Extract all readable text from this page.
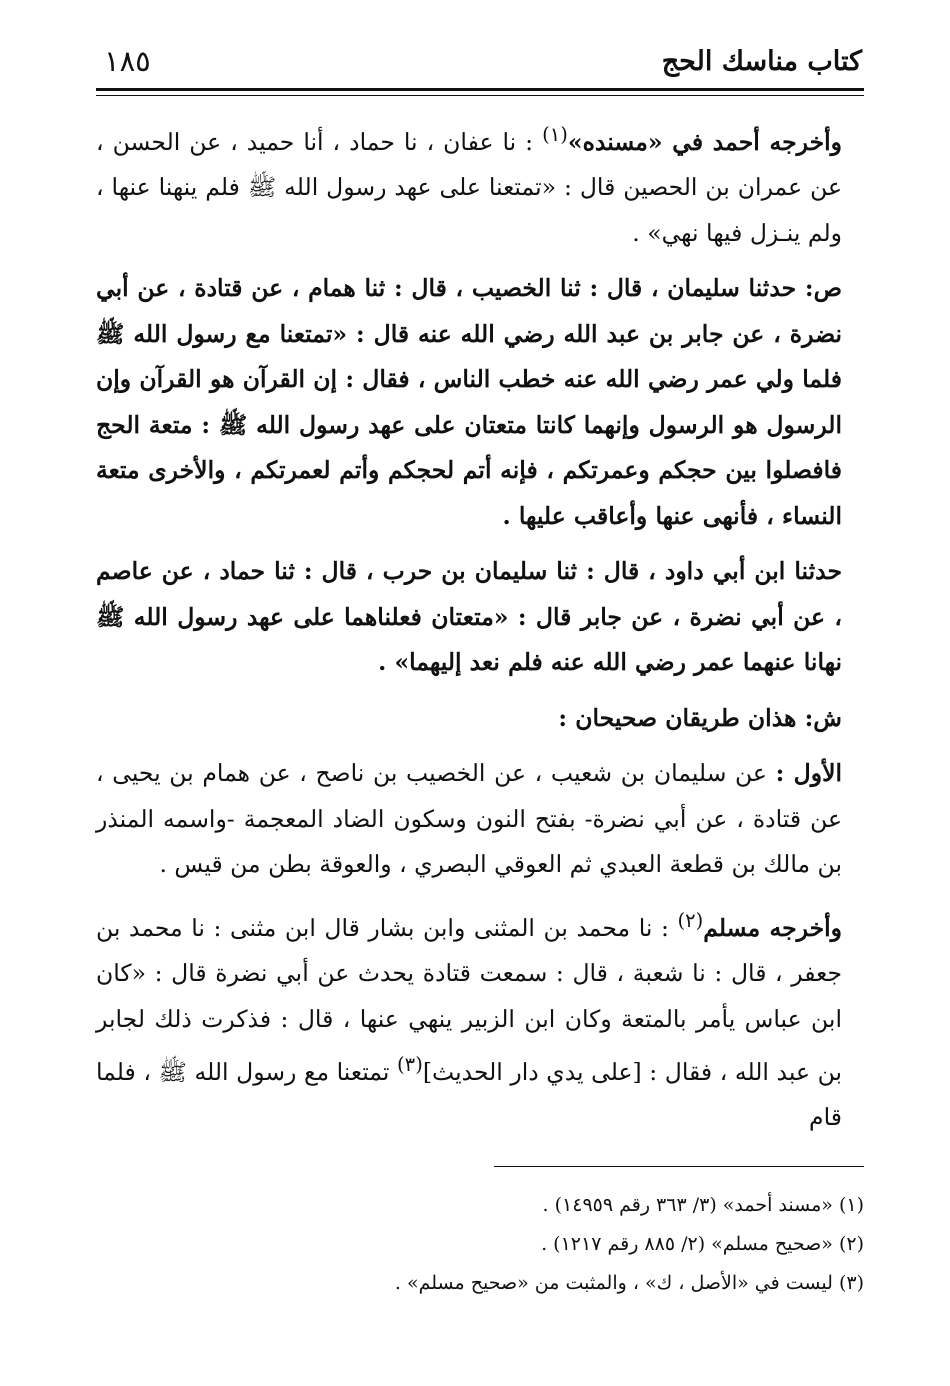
١٨٥	كتاب مناسك الحج

وأخرجه أحمد في «مسنده»$^{(١)}$ : نا عفان ، نا حماد ، أنا حميد ، عن الحسن ، عن عمران بن الحصين قال : «تمتعنا على عهد رسول الله ﷺ فلم ينهنا عنها ، ولم ينـزل فيها نهي» .

ص: حدثنا سليمان ، قال : ثنا الخصيب ، قال : ثنا همام ، عن قتادة ، عن أبي نضرة ، عن جابر بن عبد الله رضي الله عنه قال : «تمتعنا مع رسول الله ﷺ فلما ولي عمر رضي الله عنه خطب الناس ، فقال : إن القرآن هو القرآن وإن الرسول هو الرسول وإنهما كانتا متعتان على عهد رسول الله ﷺ : متعة الحج فافصلوا بين حجكم وعمرتكم ، فإنه أتم لحجكم وأتم لعمرتكم ، والأخرى متعة النساء ، فأنهى عنها وأعاقب عليها .

حدثنا ابن أبي داود ، قال : ثنا سليمان بن حرب ، قال : ثنا حماد ، عن عاصم ، عن أبي نضرة ، عن جابر قال : «متعتان فعلناهما على عهد رسول الله ﷺ نهانا عنهما عمر رضي الله عنه فلم نعد إليهما» .

ش: هذان طريقان صحيحان :

الأول : عن سليمان بن شعيب ، عن الخصيب بن ناصح ، عن همام بن يحيى ، عن قتادة ، عن أبي نضرة- بفتح النون وسكون الضاد المعجمة -واسمه المنذر بن مالك بن قطعة العبدي ثم العوقي البصري ، والعوقة بطن من قيس .

وأخرجه مسلم$^{(٢)}$ : نا محمد بن المثنى وابن بشار قال ابن مثنى : نا محمد بن جعفر ، قال : نا شعبة ، قال : سمعت قتادة يحدث عن أبي نضرة قال : «كان ابن عباس يأمر بالمتعة وكان ابن الزبير ينهي عنها ، قال : فذكرت ذلك لجابر بن عبد الله ، فقال : [على يدي دار الحديث]$^{(٣)}$ تمتعنا مع رسول الله ﷺ ، فلما قام

(١) «مسند أحمد» (٣/ ٣٦٣ رقم ١٤٩٥٩) .

(٢) «صحيح مسلم» (٢/ ٨٨٥ رقم ١٢١٧) .

(٣) ليست في «الأصل ، ك» ، والمثبت من «صحيح مسلم» .
